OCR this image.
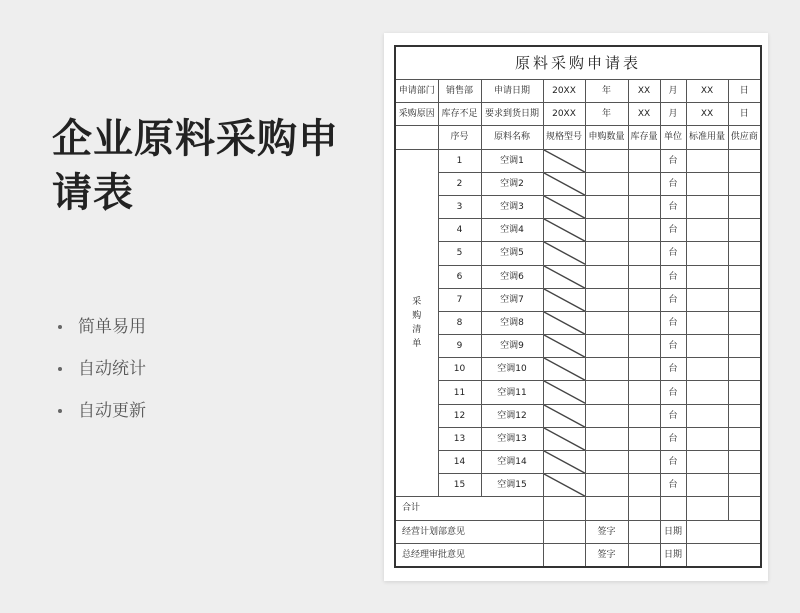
企业原料采购申请表
简单易用
自动统计
自动更新
原料采购申请表								
申请部门	销售部	申请日期	20XX	年	XX	月	XX	日
采购原因	库存不足	要求到货日期	20XX	年	XX	月	XX	日
	序号	原料名称	规格型号	申购数量	库存量	单位	标准用量	供应商

采
购
清
单	1	空调1				台		
	2	空调2				台		
	3	空调3				台		
	4	空调4				台		
	5	空调5				台		
	6	空调6				台		
	7	空调7				台		
	8	空调8				台		
	9	空调9				台		
	10	空调10				台		
	11	空调11				台		
	12	空调12				台		
	13	空调13				台		
	14	空调14				台		
	15	空调15				台		
合计								
经营计划部意见				签字		日期		
总经理审批意见				签字		日期		
